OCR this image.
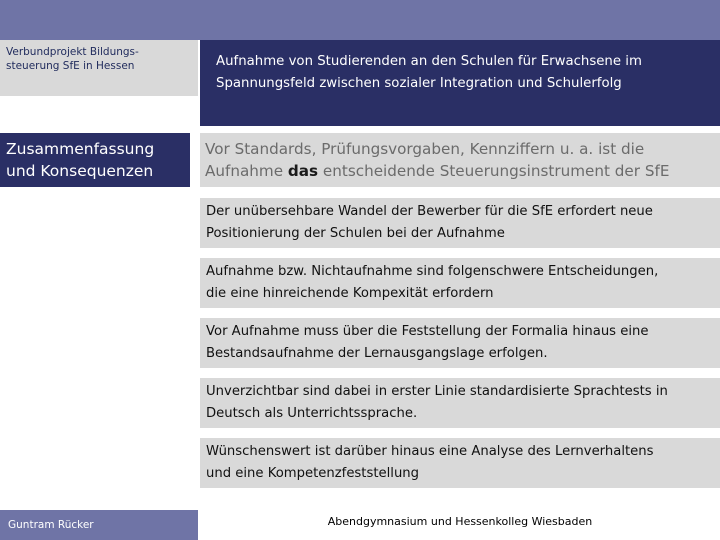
Verbundprojekt Bildungs-
steuerung SfE in Hessen	Aufnahme von Studierenden an den Schulen für Erwachsene im
Spannungsfeld zwischen sozialer Integration und Schulerfolg
Zusammenfassung
und Konsequenzen
Vor Standards, Prüfungsvorgaben, Kennziffern u. a. ist die
Aufnahme das entscheidende Steuerungsinstrument der SfE
Der unübersehbare Wandel der Bewerber für die SfE erfordert neue
Positionierung der Schulen bei der Aufnahme
Aufnahme bzw. Nichtaufnahme sind folgenschwere Entscheidungen,
die eine hinreichende Kompexität erfordern
Vor Aufnahme muss über die Feststellung der Formalia hinaus eine
Bestandsaufnahme der Lernausgangslage erfolgen.
Unverzichtbar sind dabei in erster Linie standardisierte Sprachtests in
Deutsch als Unterrichtssprache.
Wünschenswert ist darüber hinaus eine Analyse des Lernverhaltens
und eine Kompetenzfeststellung
Guntram Rücker	Abendgymnasium und Hessenkolleg Wiesbaden
